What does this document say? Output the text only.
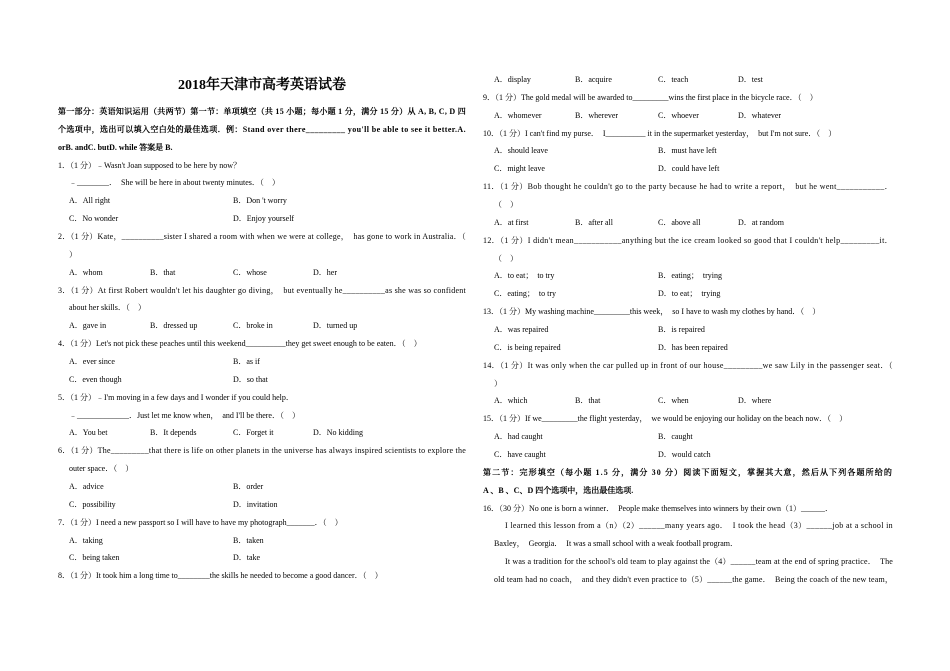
2018年天津市高考英语试卷
第一部分：英语知识运用（共两节）第一节：单项填空（共 15 小题；每小题 1 分，满分 15 分）从 A, B, C, D 四
个选项中，选出可以填入空白处的最佳选项．例：Stand over there_________ you'll be able to see it better.A.
orB. andC. butD. while 答案是 B.
1．（1 分）﹣Wasn't Joan supposed to be here by now？
﹣________．  She will be here in about twenty minutes．（    ）
A．All right	B．Don 't worry
C．No wonder	D．Enjoy yourself
2．（1 分）Kate，__________sister I shared a room with when we were at college，  has gone to work in Australia．（
）
A．whom	B．that	C．whose	D．her
3．（1 分）At first Robert wouldn't let his daughter go diving，  but eventually he__________as she was so confident
about her skills．（    ）
A．gave in	B．dressed up	C．broke in	D．turned up
4．（1 分）Let's not pick these peaches until this weekend__________they get sweet enough to be eaten．（    ）
A．ever since	B．as if
C．even though	D．so that
5．（1 分）﹣I'm moving in a few days and I wonder if you could help．
﹣_____________．Just let me know when，  and I'll be there．（    ）
A．You bet	B．It depends	C．Forget it	D．No kidding
6．（1 分）The_________that there is life on other planets in the universe has always inspired scientists to explore the
outer space．（    ）
A．advice	B．order
C．possibility	D．invitation
7．（1 分）I need a new passport so I will have to have my photograph_______．（    ）
A．taking	B．taken
C．being taken	D．take
8．（1 分）It took him a long time to________the skills he needed to become a good dancer．（    ）
A．display	B．acquire	C．teach	D．test
9．（1 分）The gold medal will be awarded to_________wins the first place in the bicycle race．（    ）
A．whomever	B．wherever	C．whoever	D．whatever
10．（1 分）I can't find my purse．  I__________ it in the supermarket yesterday，  but I'm not sure．（    ）
A．should leave	B．must have left
C．might leave	D．could have left
11．（1 分）Bob thought he couldn't go to the party because he had to write a report，  but he went___________．
（    ）
A．at first	B．after all	C．above all	D．at random
12．（1 分）I didn't mean___________anything but the ice cream looked so good that I couldn't help_________it．
（    ）
A．to eat；  to try	B．eating；  trying
C．eating；  to try	D．to eat；  trying
13．（1 分）My washing machine_________this week，  so I have to wash my clothes by hand．（    ）
A．was repaired	B．is repaired
C．is being repaired	D．has been repaired
14．（1 分）It was only when the car pulled up in front of our house_________we saw Lily in the passenger seat．（
）
A．which	B．that	C．when	D．where
15．（1 分）If we_________the flight yesterday，  we would be enjoying our holiday on the beach now．（    ）
A．had caught	B．caught
C．have caught	D．would catch
第二节：完形填空（每小题 1.5 分，满分 30 分）阅读下面短文，掌握其大意，然后从下列各题所给的
A 、B 、C、D 四个选项中，选出最佳选项.
16．（30 分）No one is born a winner．  People make themselves into winners by their own（1）______．
I learned this lesson from a（n）（2）______many years ago．  I took the head（3）______job at a school in
Baxley，  Georgia．  It was a small school with a weak football program．
It was a tradition for the school's old team to play against the（4）______team at the end of spring practice．  The
old team had no coach，  and they didn't even practice to（5）______the game．  Being the coach of the new team，
